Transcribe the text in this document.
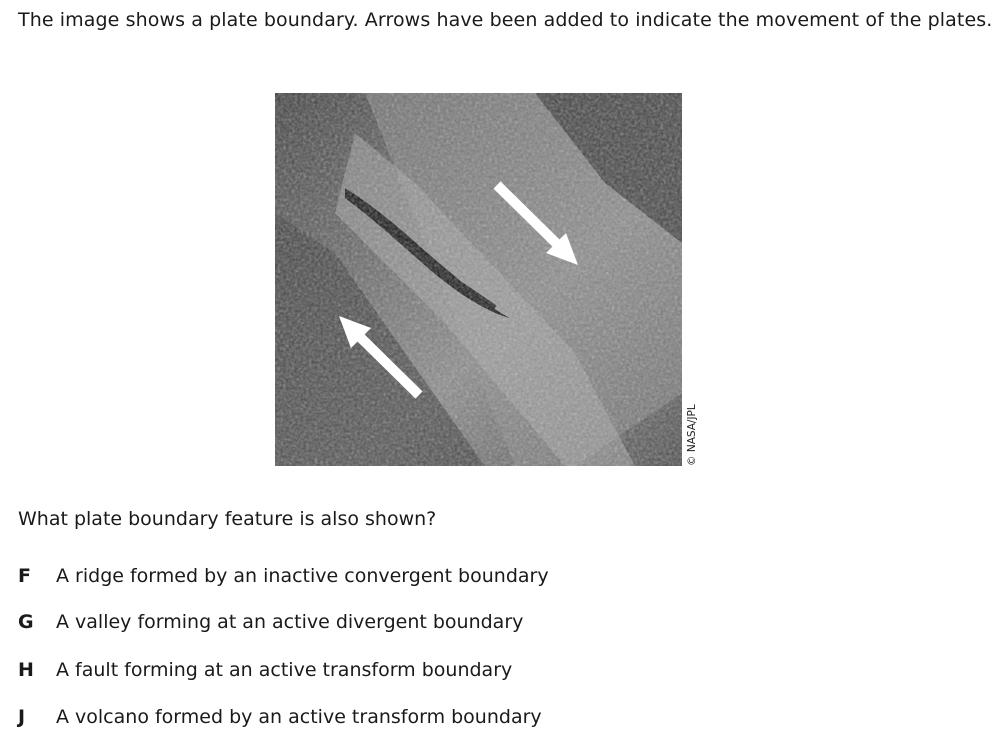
The image shows a plate boundary. Arrows have been added to indicate the movement of the plates.
© NASA/JPL
What plate boundary feature is also shown?
F	A ridge formed by an inactive convergent boundary
G	A valley forming at an active divergent boundary
H	A fault forming at an active transform boundary
J	A volcano formed by an active transform boundary
